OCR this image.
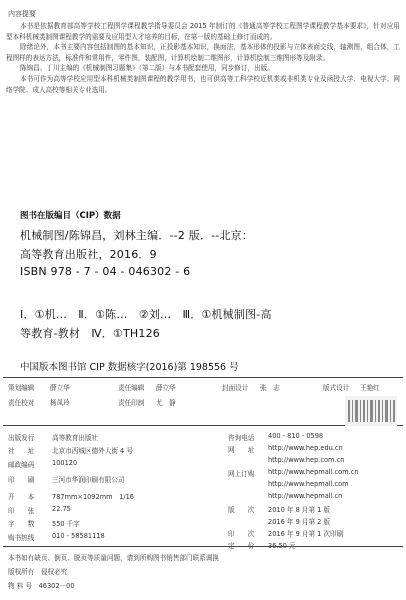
内容提要

本书是依据教育部高等学校工程图学课程教学指导委员会 2015 年制订的《普通高等学校工程图学课程教学基本要求》，针对应用型本科机械类制图课程教学的需要及应用型人才培养的目标，在第一版的基础上修订而成的。

除绪论外，本书主要内容包括制图的基本知识，正投影基本知识，换面法，基本形体的投影与立体表面交线，轴测图，组合体，工程图样的表达方法，标准件和常用件，零件图，装配图，计算机绘制二维图形，计算机绘制三维图形等及附录。

陈锦昌、丁川主编的《机械制图习题集》（第二版）与本书配套使用，同步修订，出版。

本书可作为高等学校应用型本科机械类制图课程的教学用书，也可供高等工科学校近机类或非机类专业及函授大学、电视大学、网络学院、成人高校等相关专业选用。

图书在版编目（CIP）数据
机械制图/陈锦昌，刘林主编．--2 版．--北京：
高等教育出版社，2016．9
ISBN 978 - 7 - 04 - 046302 - 6
Ⅰ．①机…　Ⅱ．①陈…　②刘…　Ⅲ．①机械制图-高
等教育-教材　Ⅳ．①TH126
中国版本图书馆 CIP 数据核字(2016)第 198556 号
策划编辑 薛立华	责任编辑 薛立华	封面设计 张　志	版式设计 王艳红
责任校对 杨凤玲	责任印制 尤　静
出版发行	高等教育出版社
社　　址	北京市西城区德外大街 4 号
邮政编码	100120
印　　刷	三河市华润印刷有限公司
开　　本	787mm×1092mm　1/16
印　　张	22.75
字　　数	550 千字
购书热线	010 - 58581118
咨询电话	400 - 810 - 0598
网　　址	http://www.hep.edu.cn
http://www.hep.com.cn
网上订购	http://www.hepmall.com.cn
http://www.hepmall.com
http://www.hepmall.cn
版　　次	2010 年 8 月第 1 版
2016 年 9 月第 2 版
印　　次	2016 年 9 月第 1 次印刷
定　　价	36.50 元
本书如有缺页、倒页、脱页等质量问题，请到所购图书销售部门联系调换
版权所有　侵权必究
物 料 号　46302－00
